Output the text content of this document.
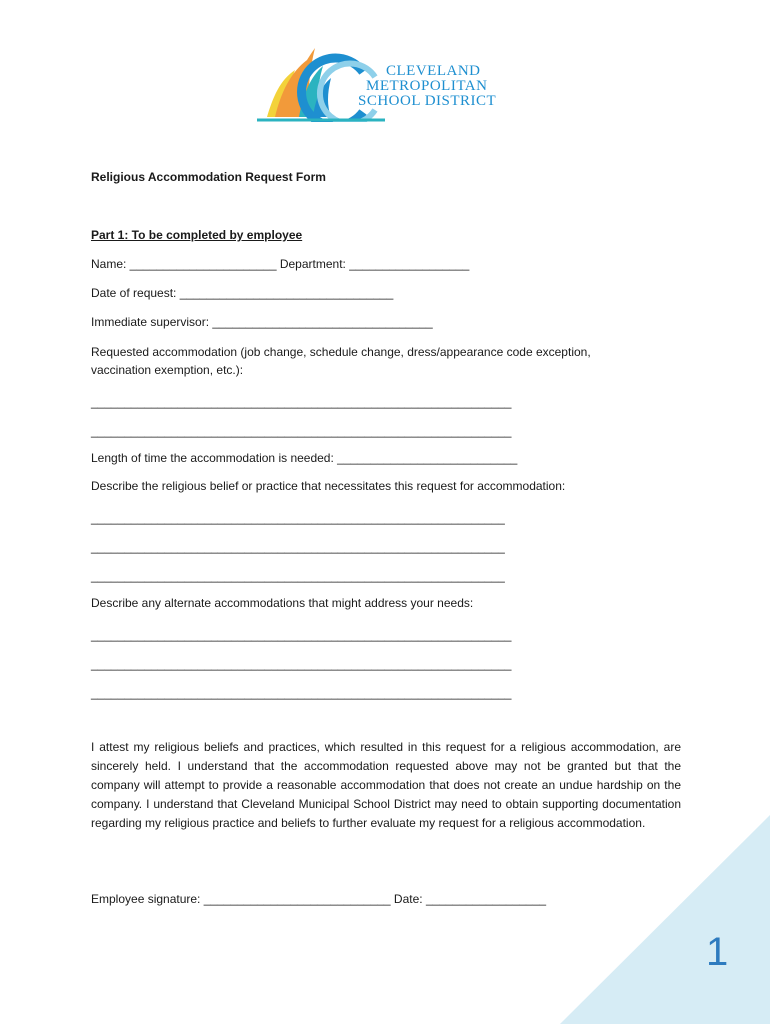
CLEVELAND
METROPOLITAN
SCHOOL DISTRICT
Religious Accommodation Request Form
Part 1: To be completed by employee
Name: ______________________ Department: __________________
Date of request: ________________________________
Immediate supervisor: _________________________________
Requested accommodation (job change, schedule change, dress/appearance code exception,
vaccination exemption, etc.):
_______________________________________________________________
_______________________________________________________________
Length of time the accommodation is needed: ___________________________
Describe the religious belief or practice that necessitates this request for accommodation:
______________________________________________________________
______________________________________________________________
______________________________________________________________
Describe any alternate accommodations that might address your needs:
_______________________________________________________________
_______________________________________________________________
_______________________________________________________________
I attest my religious beliefs and practices, which resulted in this request for a religious accommodation, are sincerely held. I understand that the accommodation requested above may not be granted but that the company will attempt to provide a reasonable accommodation that does not create an undue hardship on the company. I understand that Cleveland Municipal School District may need to obtain supporting documentation regarding my religious practice and beliefs to further evaluate my request for a religious accommodation.
Employee signature: ____________________________ Date: __________________
1
